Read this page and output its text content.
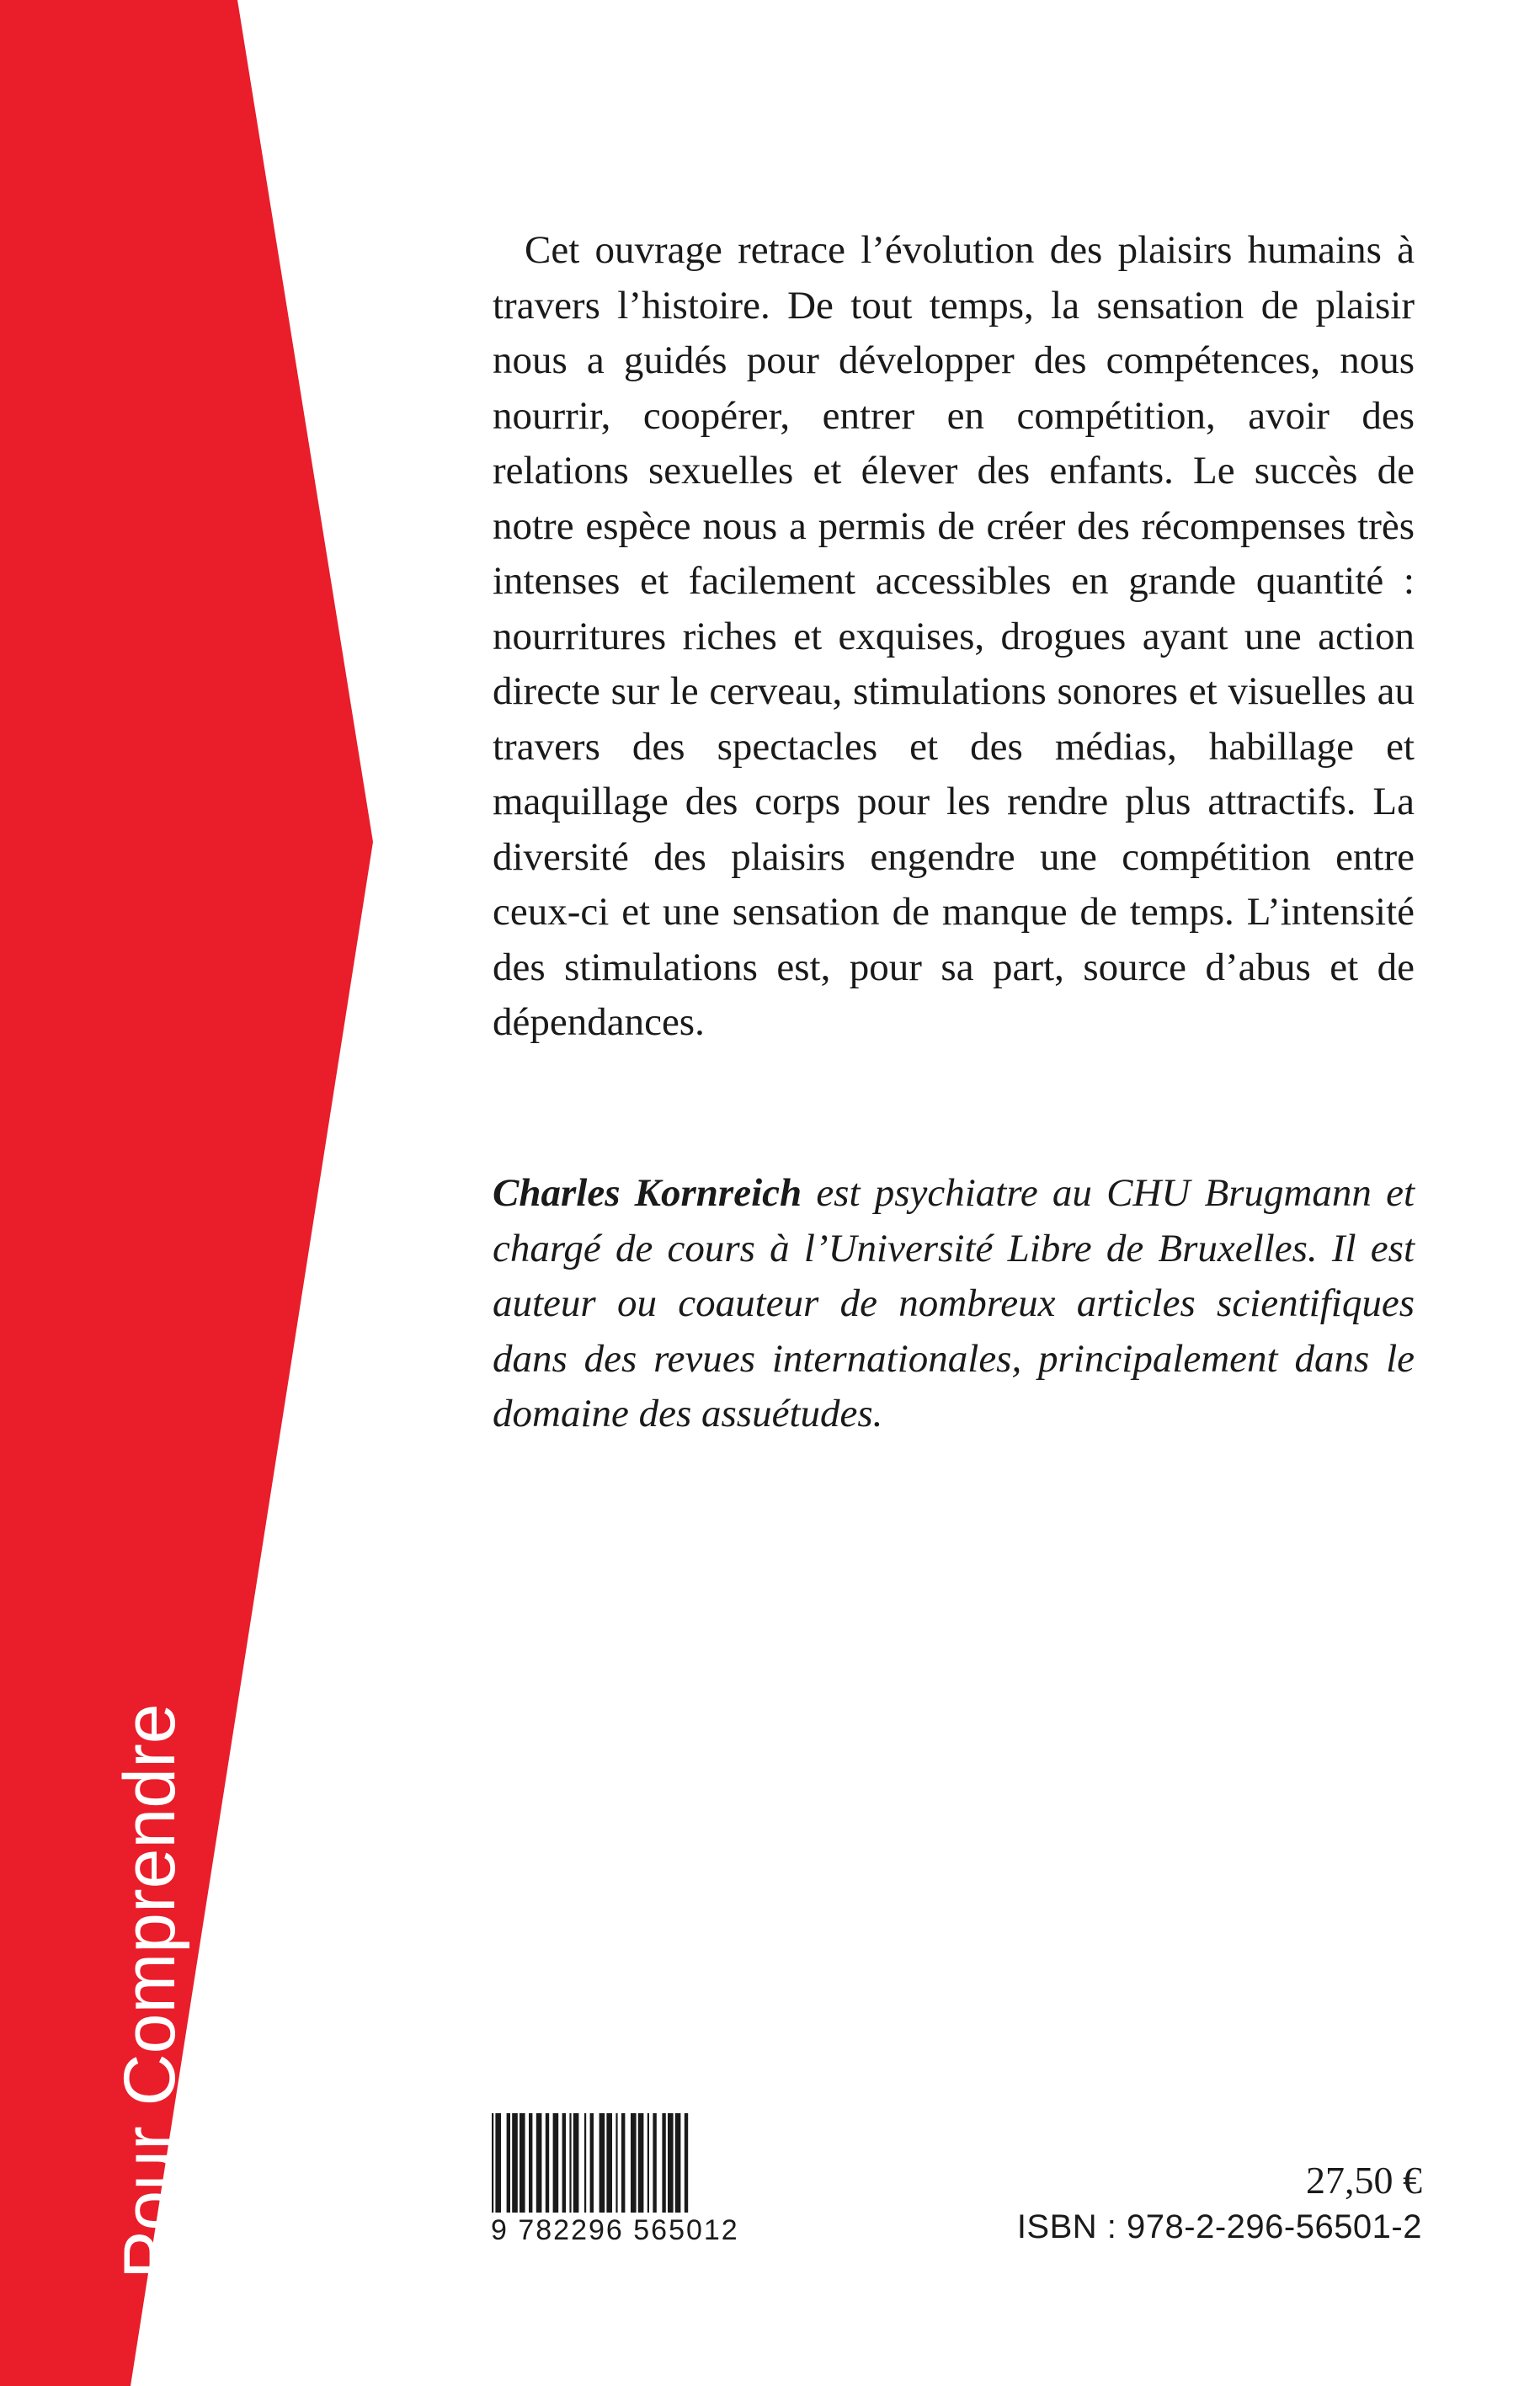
Pour Comprendre

Cet ouvrage retrace l’évolution des plaisirs humains à travers l’histoire. De tout temps, la sensation de plaisir nous a guidés pour développer des compétences, nous nourrir, coopérer, entrer en compétition, avoir des relations sexuelles et élever des enfants. Le succès de notre espèce nous a permis de créer des récompenses très intenses et facilement accessibles en grande quantité : nourritures riches et exquises, drogues ayant une action directe sur le cerveau, stimulations sonores et visuelles au travers des spectacles et des médias, habillage et maquillage des corps pour les rendre plus attractifs. La diversité des plaisirs engendre une compétition entre ceux-ci et une sensation de manque de temps. L’intensité des stimulations est, pour sa part, source d’abus et de dépendances.

Charles Kornreich est psychiatre au CHU Brugmann et chargé de cours à l’Université Libre de Bruxelles. Il est auteur ou coauteur de nombreux articles scientifiques dans des revues internationales, principalement dans le domaine des assuétudes.

9 782296 565012
27,50 €
ISBN : 978-2-296-56501-2
